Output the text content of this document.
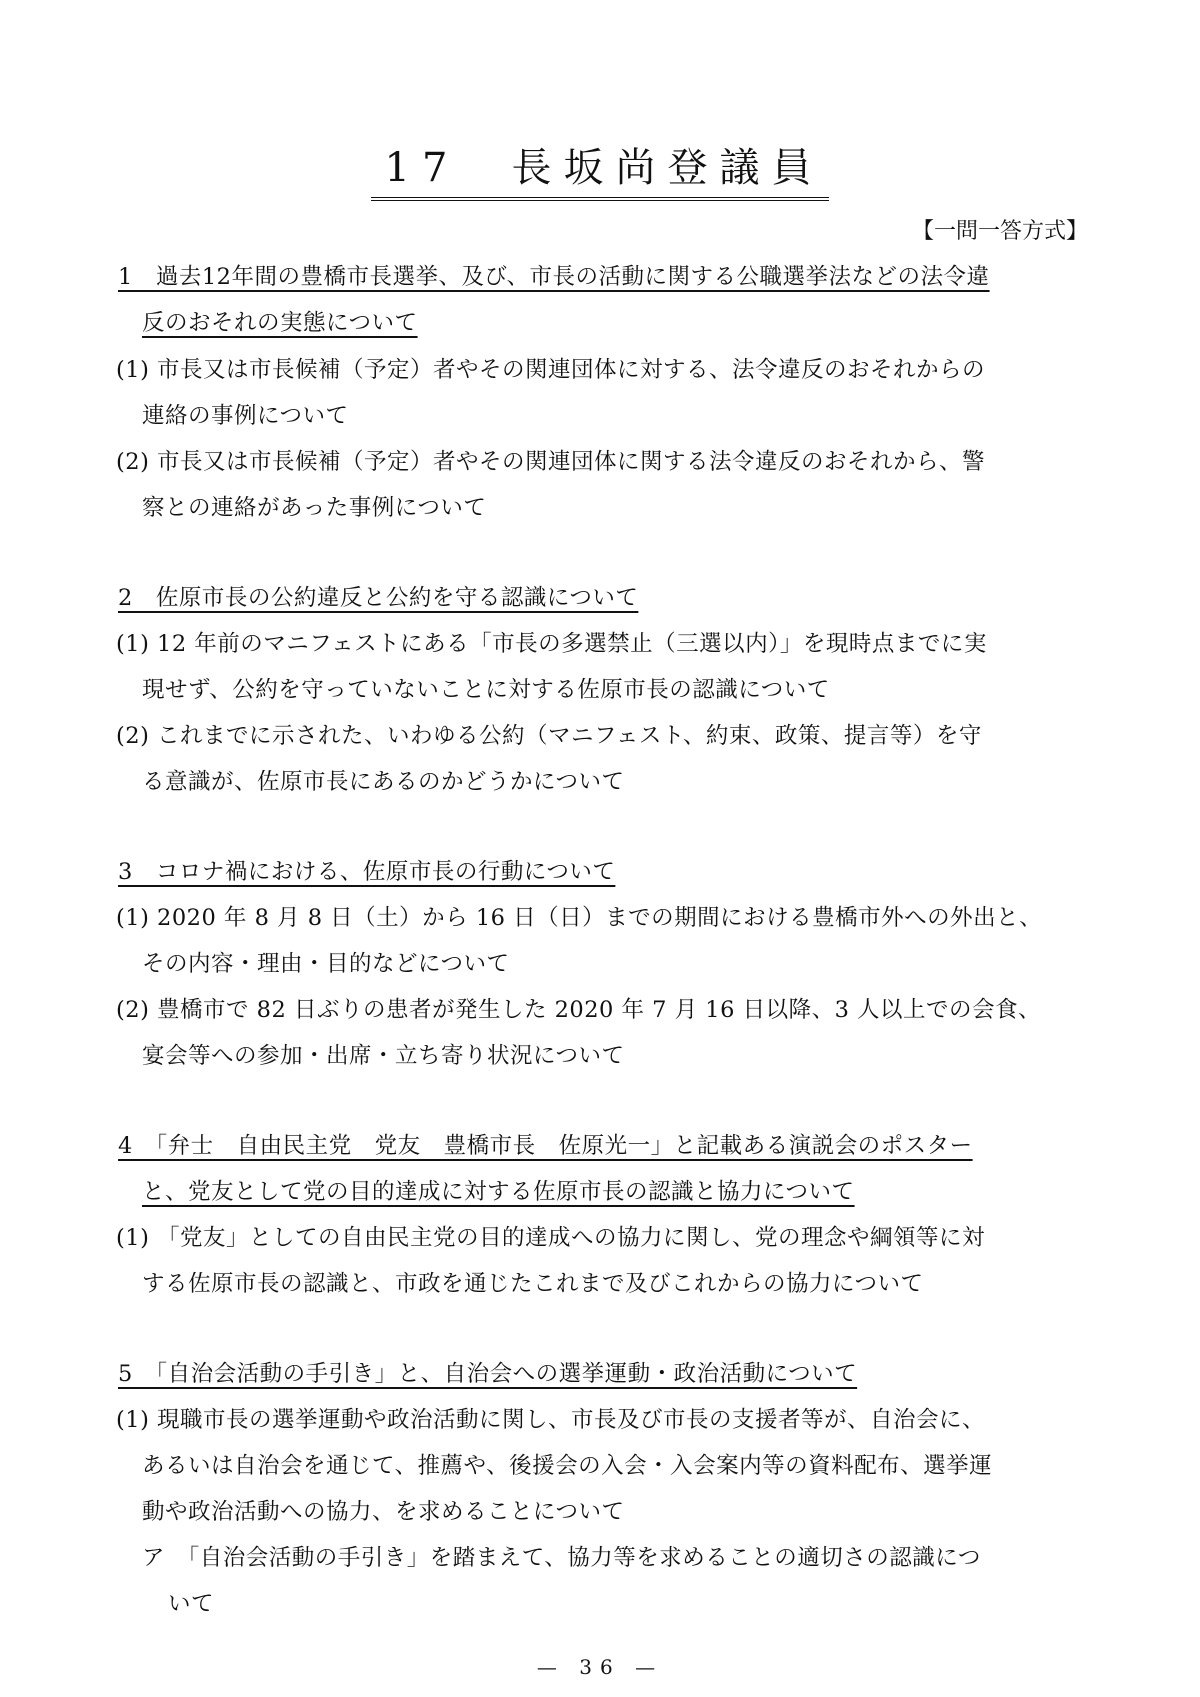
17　長坂尚登議員
【一問一答方式】
1　過去12年間の豊橋市長選挙、及び、市長の活動に関する公職選挙法などの法令違
反のおそれの実態について
(1) 市長又は市長候補（予定）者やその関連団体に対する、法令違反のおそれからの
連絡の事例について
(2) 市長又は市長候補（予定）者やその関連団体に関する法令違反のおそれから、警
察との連絡があった事例について
2　佐原市長の公約違反と公約を守る認識について
(1) 12 年前のマニフェストにある「市長の多選禁止（三選以内）」を現時点までに実
現せず、公約を守っていないことに対する佐原市長の認識について
(2) これまでに示された、いわゆる公約（マニフェスト、約束、政策、提言等）を守
る意識が、佐原市長にあるのかどうかについて
3　コロナ禍における、佐原市長の行動について
(1) 2020 年 8 月 8 日（土）から 16 日（日）までの期間における豊橋市外への外出と、
その内容・理由・目的などについて
(2) 豊橋市で 82 日ぶりの患者が発生した 2020 年 7 月 16 日以降、3 人以上での会食、
宴会等への参加・出席・立ち寄り状況について
4　「弁士　自由民主党　党友　豊橋市長　佐原光一」と記載ある演説会のポスター
と、党友として党の目的達成に対する佐原市長の認識と協力について
(1) 「党友」としての自由民主党の目的達成への協力に関し、党の理念や綱領等に対
する佐原市長の認識と、市政を通じたこれまで及びこれからの協力について
5　「自治会活動の手引き」と、自治会への選挙運動・政治活動について
(1) 現職市長の選挙運動や政治活動に関し、市長及び市長の支援者等が、自治会に、
あるいは自治会を通じて、推薦や、後援会の入会・入会案内等の資料配布、選挙運
動や政治活動への協力、を求めることについて
ア　「自治会活動の手引き」を踏まえて、協力等を求めることの適切さの認識につ
いて
— 36 —
